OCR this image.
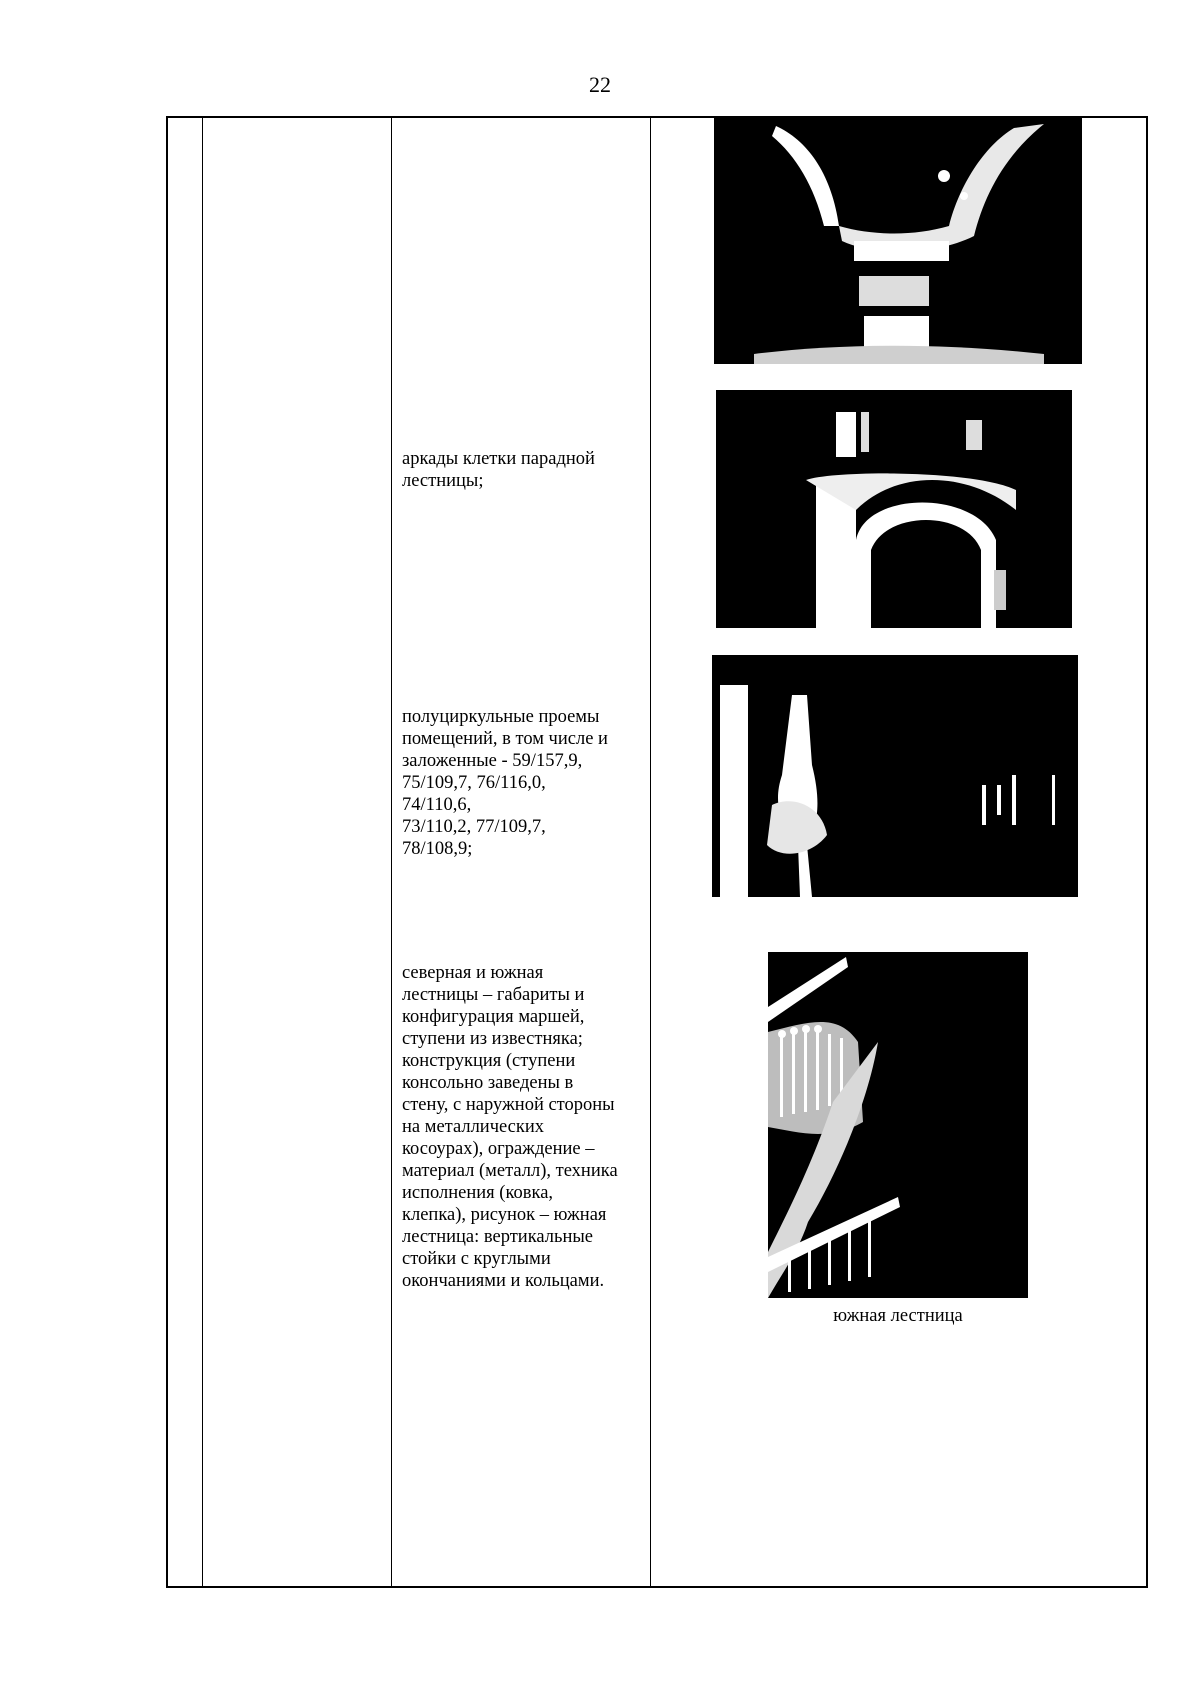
22
аркады клетки парадной
лестницы;
полуциркульные проемы
помещений, в том числе и
заложенные - 59/157,9,
75/109,7, 76/116,0,
74/110,6,
73/110,2, 77/109,7,
78/108,9;
северная и южная
лестницы – габариты и
конфигурация маршей,
ступени из известняка;
конструкция (ступени
консольно заведены в
стену, с наружной стороны
на металлических
косоурах), ограждение –
материал (металл), техника
исполнения (ковка,
клепка), рисунок – южная
лестница: вертикальные
стойки с круглыми
окончаниями и кольцами.
южная лестница
